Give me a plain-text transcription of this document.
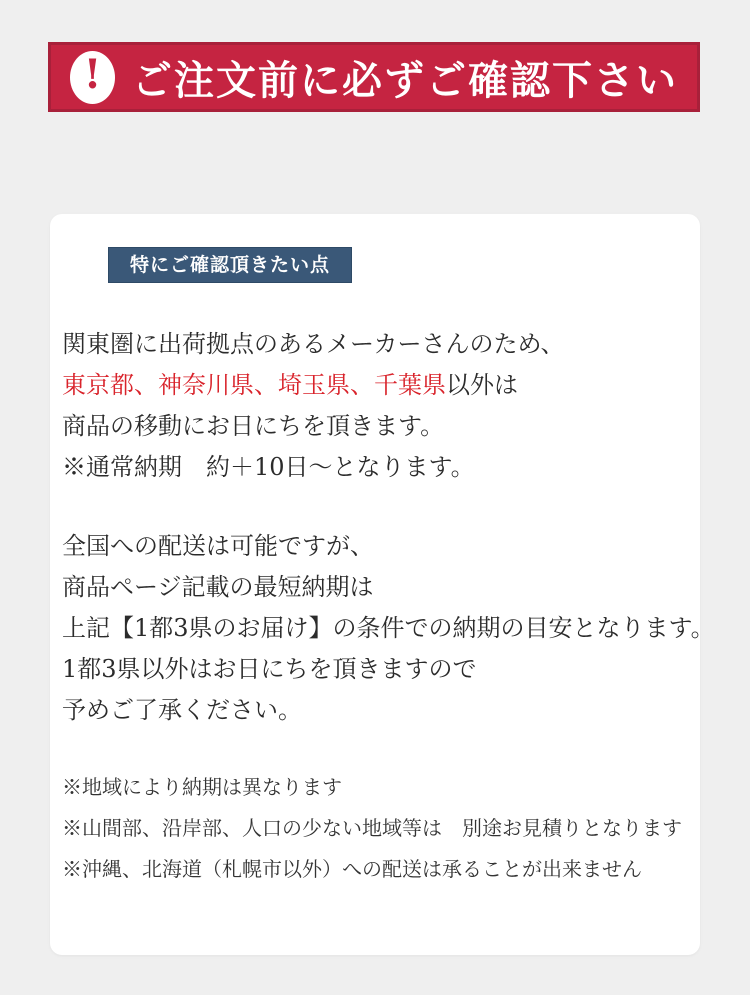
! ご注文前に必ずご確認下さい
特にご確認頂きたい点
関東圏に出荷拠点のあるメーカーさんのため、
東京都、神奈川県、埼玉県、千葉県以外は
商品の移動にお日にちを頂きます。
※通常納期　約＋10日〜となります。
全国への配送は可能ですが、
商品ページ記載の最短納期は
上記【1都3県のお届け】の条件での納期の目安となります。
1都3県以外はお日にちを頂きますので
予めご了承ください。
※地域により納期は異なります
※山間部、沿岸部、人口の少ない地域等は　別途お見積りとなります
※沖縄、北海道（札幌市以外）への配送は承ることが出来ません
